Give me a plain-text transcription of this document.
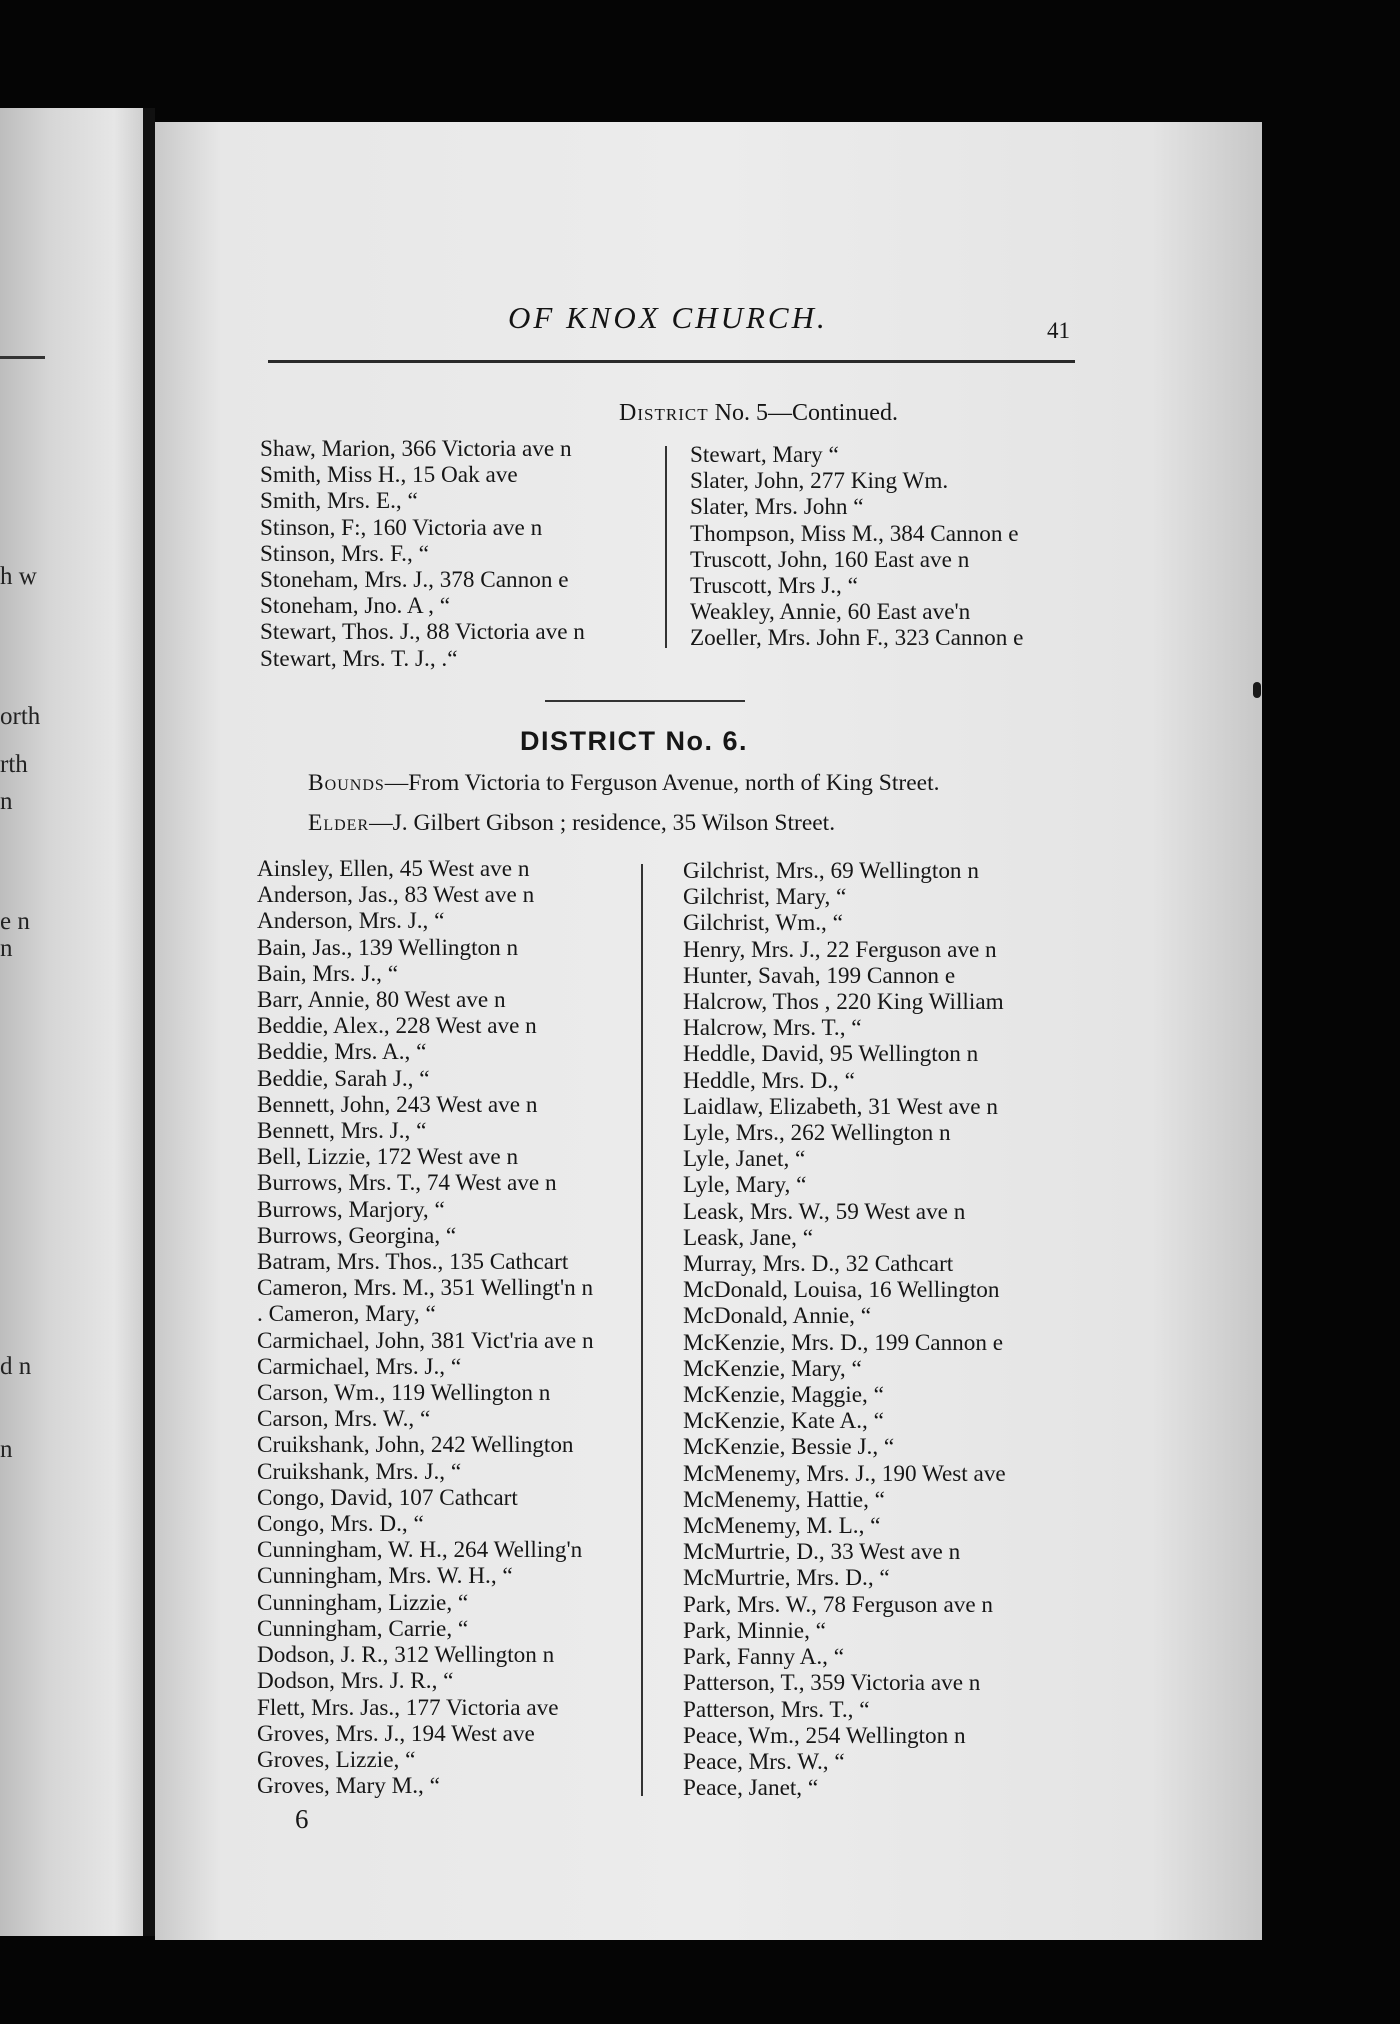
h w
orth
rth
n
e n
n
d n
n
OF KNOX CHURCH.	41
District No. 5—Continued.
Shaw, Marion, 366 Victoria ave n
Smith, Miss H., 15 Oak ave
Smith, Mrs. E., “
Stinson, F:, 160 Victoria ave n
Stinson, Mrs. F., “
Stoneham, Mrs. J., 378 Cannon e
Stoneham, Jno. A , “
Stewart, Thos. J., 88 Victoria ave n
Stewart, Mrs. T. J., .“
Stewart, Mary “
Slater, John, 277 King Wm.
Slater, Mrs. John “
Thompson, Miss M., 384 Cannon e
Truscott, John, 160 East ave n
Truscott, Mrs J., “
Weakley, Annie, 60 East ave'n
Zoeller, Mrs. John F., 323 Cannon e
DISTRICT No. 6.
Bounds—From Victoria to Ferguson Avenue, north of King Street.
Elder—J. Gilbert Gibson ; residence, 35 Wilson Street.
Ainsley, Ellen, 45 West ave n
Anderson, Jas., 83 West ave n
Anderson, Mrs. J., “
Bain, Jas., 139 Wellington n
Bain, Mrs. J., “
Barr, Annie, 80 West ave n
Beddie, Alex., 228 West ave n
Beddie, Mrs. A., “
Beddie, Sarah J., “
Bennett, John, 243 West ave n
Bennett, Mrs. J., “
Bell, Lizzie, 172 West ave n
Burrows, Mrs. T., 74 West ave n
Burrows, Marjory, “
Burrows, Georgina, “
Batram, Mrs. Thos., 135 Cathcart
Cameron, Mrs. M., 351 Wellingt'n n
. Cameron, Mary, “
Carmichael, John, 381 Vict'ria ave n
Carmichael, Mrs. J., “
Carson, Wm., 119 Wellington n
Carson, Mrs. W., “
Cruikshank, John, 242 Wellington
Cruikshank, Mrs. J., “
Congo, David, 107 Cathcart
Congo, Mrs. D., “
Cunningham, W. H., 264 Welling'n
Cunningham, Mrs. W. H., “
Cunningham, Lizzie, “
Cunningham, Carrie, “
Dodson, J. R., 312 Wellington n
Dodson, Mrs. J. R., “
Flett, Mrs. Jas., 177 Victoria ave
Groves, Mrs. J., 194 West ave
Groves, Lizzie, “
Groves, Mary M., “
Gilchrist, Mrs., 69 Wellington n
Gilchrist, Mary, “
Gilchrist, Wm., “
Henry, Mrs. J., 22 Ferguson ave n
Hunter, Savah, 199 Cannon e
Halcrow, Thos , 220 King William
Halcrow, Mrs. T., “
Heddle, David, 95 Wellington n
Heddle, Mrs. D., “
Laidlaw, Elizabeth, 31 West ave n
Lyle, Mrs., 262 Wellington n
Lyle, Janet, “
Lyle, Mary, “
Leask, Mrs. W., 59 West ave n
Leask, Jane, “
Murray, Mrs. D., 32 Cathcart
McDonald, Louisa, 16 Wellington
McDonald, Annie, “
McKenzie, Mrs. D., 199 Cannon e
McKenzie, Mary, “
McKenzie, Maggie, “
McKenzie, Kate A., “
McKenzie, Bessie J., “
McMenemy, Mrs. J., 190 West ave
McMenemy, Hattie, “
McMenemy, M. L., “
McMurtrie, D., 33 West ave n
McMurtrie, Mrs. D., “
Park, Mrs. W., 78 Ferguson ave n
Park, Minnie, “
Park, Fanny A., “
Patterson, T., 359 Victoria ave n
Patterson, Mrs. T., “
Peace, Wm., 254 Wellington n
Peace, Mrs. W., “
Peace, Janet, “
6
